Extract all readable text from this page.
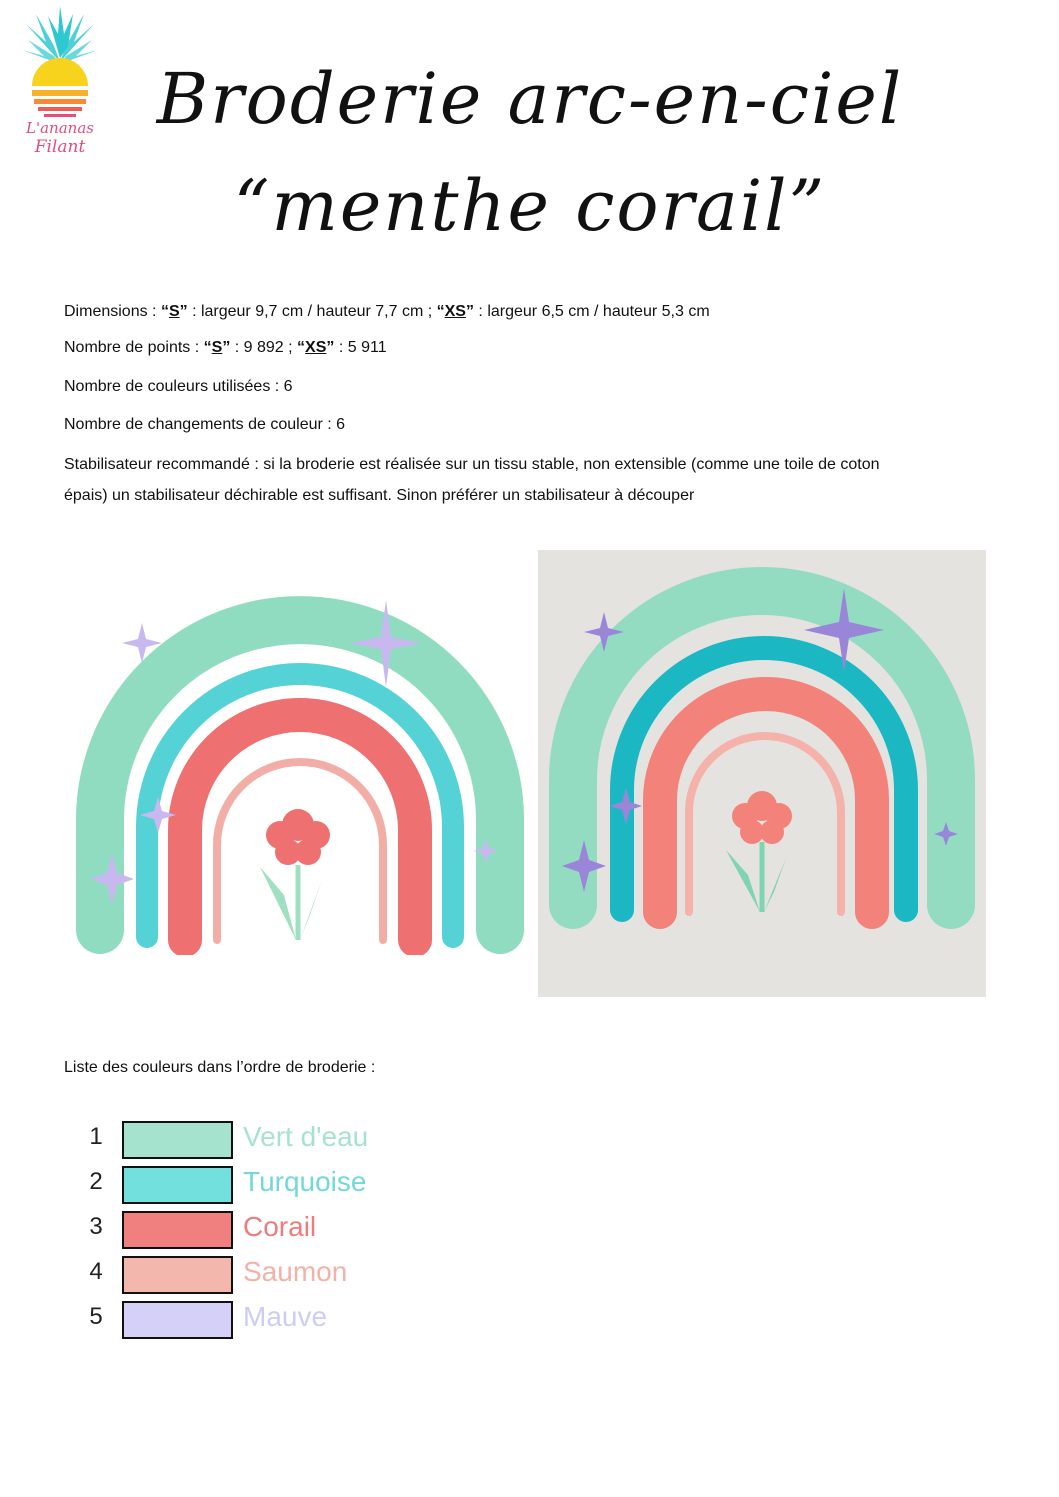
L'ananas
Filant
Broderie arc-en-ciel
“menthe corail”
Dimensions : “S” : largeur 9,7 cm / hauteur 7,7 cm ; “XS” : largeur 6,5 cm / hauteur 5,3 cm
Nombre de points : “S” : 9 892 ; “XS” : 5 911
Nombre de couleurs utilisées : 6
Nombre de changements de couleur : 6
Stabilisateur recommandé : si la broderie est réalisée sur un tissu stable, non extensible (comme une toile de coton
épais) un stabilisateur déchirable est suffisant. Sinon préférer un stabilisateur à découper
Liste des couleurs dans l’ordre de broderie :
1	Vert d'eau
2	Turquoise
3	Corail
4	Saumon
5	Mauve
